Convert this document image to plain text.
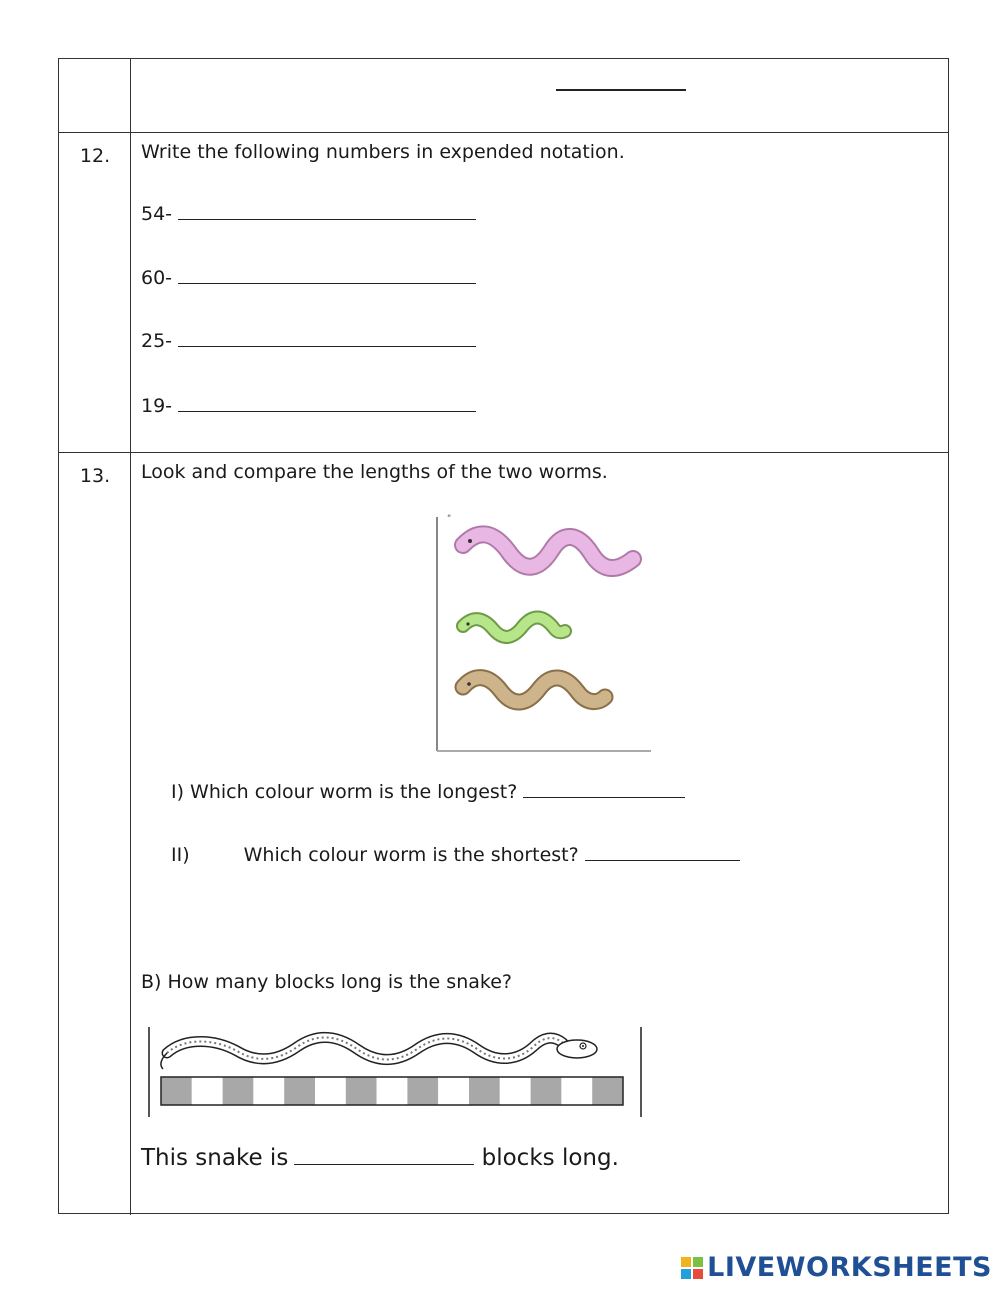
12.	Write the following numbers in expended notation.
54-
60-
25-
19-
13.	Look and compare the lengths of the two worms.
"
I) Which colour worm is the longest?
II)	Which colour worm is the shortest?
B) How many blocks long is the snake?
This snake is	blocks long.
LIVEWORKSHEETS
